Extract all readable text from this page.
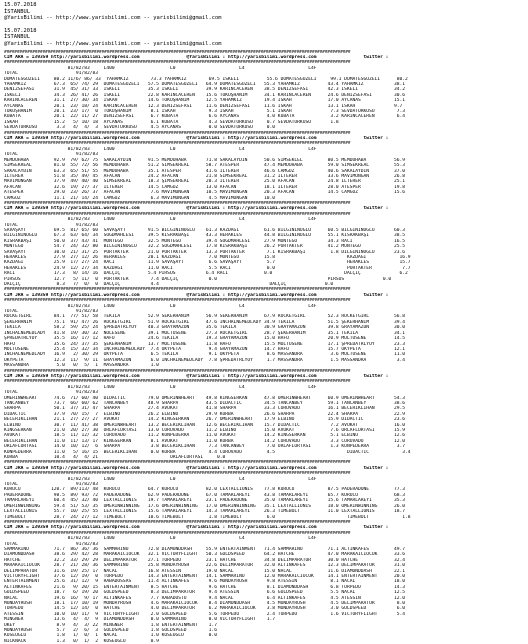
15.07.2018
İSTANBUL
@YarisBilimi -- http://www.yarisbilimi.com -- yarisbilimi@gmail.com
15.07.2018
İSTANBUL
@YarisBilimi -- http://www.yarisbilimi.com -- yarisbilimi@gmail.com
#######################################################################################################################################
CIM ARA = 139359 http://yarisbilimi.wordpress.com                 @YarisBilimi : http://yarisbilimi.wordpress.com                 twitter :
#######################################################################################################################################
81/82/83     L400                    L0                       L4                       L4F
TOTAL                     91/82/83
DOMATESGÜZELİ     80.2 11/6/ 86/ 33  YAHAMKIZ        73.3 YAHAMKIZ        69.5 İSKELİ          55.6 DOMATESGÜZELİ     99.1 DOMATESGÜZELİ      80.2
YAHAMKIZ          67.3  65/ 74/ 29  DOMATESGÜZELİ   57.5 DOMATESGÜZELİ   64.9 DOMATESGÜZELİ   55.3 YAHAMKIZ          43.4 YAHAMKIZ           38.1
DENİZSEFASI       31.9  45/ 31/ 33  İSKELİ          35.3 İSKELİ          39.9 KARINCACEREN    38.5 DENİZSEFASI       42.3 İSKELİ             34.2
İSKELİ            34.3  26/ 41/ 26  İSKELİ          22.8 KARINCACEREN    15.6 TOKUŞHANIM      34.1 KARINCACEREN      24.6 DENİZSEFASI        30.6
KARINCACEREN      31.1  27/ 30/ 34  İSKAH           14.6 TOKUŞHANIM      12.5 YAHAMKIZ        19.4 İSKAH             17.0 AYCANAS            15.1
AYCANAS           20.1  23/ 18/ 24  KARINCACEREN    12.3 DENİZSEFASI     11.6 DENİZSEFASI     11.6 İSKAH             13.1 İSKAH              9.7
TOKUŞHANIM        20.1  23/ 17/  0  TOKUŞHANIM       8.1 İSKAH            9.3 İSKAH            5.1 İSKAH              7.3 SEVDATURKUSU        7.3
KUBATA            20.1  22/ 11/ 27  DENİZSEFASI      6.7 KUBATA           6.6 AYCANAS          4.0 KUBATA             3.2 KARINCACEREN        6.4
İSKAH             15.2   5/ 10/ 18  AYCANAS          6.1 KUBATA           4.3 SEVDATURKUSU     0.7 SEVDATURKUSU       1.8
SEVDATURKUSU       3.3   4/  4/  3  SEVDATURKUSU     4.5 AYCANAS          0.0 SEVDATURKUSU     0.0
#######################################################################################################################################
CIM ARA = 139359 http://yarisbilimi.wordpress.com                 @YarisBilimi : http://yarisbilimi.wordpress.com                 twitter :
#######################################################################################################################################
81/82/83     L400                    L0                       L4                       L4F
TOTAL                     91/82/83
MEMDUHABA         92.9  79/ 62/ 75  SAKALAYDIN      91.5 MEMDUHABA       71.8 SAKALAYDIN      50.6 SİMSEKLEL         80.5 MEMDUHABA          56.9
SİMSEKREAL        81.0  55/ 72/ 56  MEMDUHABA       51.2 SİMSEKREAL      58.7 ATESPER         47.4 MEMDUHABA         59.0 SİMSEKREAL         55.3
SAKALAYDIN        63.3  65/ 51/ 55  MEMDUHABA       35.1 ATESPER         41.6 İLTERER         46.6 CAMGOZ            40.6 SAKALAYDIN         37.0
İLTERER           51.8  35/ 49/ 45  AFACAN          24.2 AFACAN          21.8 SİMSEKREAL      31.2 İLTERER           33.6 MAVİMUNGAN         26.8
MAVİMUNGAN        37.9  49/ 40/ 40  SİMSEKREAL      18.3 ŞİMSEKREAL      20.3 İLTERER         25.0 AFACAN            24.8 İLTERER            25.1
AFACAN            32.6  19/ 27/ 37  İLTERER         14.5 CAMGOZ          13.0 AFACAN          18.1 İLTERER           28.0 ATESPER            19.8
ATESPER           29.0  23/ 26/ 37  AFACAN           7.6 MAVİMUNGAN      10.5 MAVİMUNGAN      20.3 AFACAN            14.5 CAMGOZ             15.6
CAMGOZ            11.1  21/ 14/ 24  CAMGOZ           6.3 MAVİMUNGAN       4.5 MAVİMUNGAN      10.0
#######################################################################################################################################
CIM ARA = 139359 http://yarisbilimi.wordpress.com                 @YarisBilimi : http://yarisbilimi.wordpress.com                 twitter :
#######################################################################################################################################
81/82/83     L400                    L0                       L4                       L4F
TOTAL                     91/82/83
SAVAŞAYT          69.5  81/ 65/ 60  SAVAŞAYT        91.5 BİLGİNİNOĞLU    61.3 KAZDAĞI         61.6 BİLGİNİNOĞLU      60.5 BİLGİNİNOĞLU       60.3
BİLGİNİNOĞLU      67.3  63/ 64/ 34  SOĞDMAHLESİ     39.5 KISRAKBAŞI      43.3 HERAKLES        44.8 BİLGİNİNOĞLU      55.1 KISRAKBAŞI         38.5
KISRAKBAŞI        50.0  37/ 43/ 41  MONTEGO         32.5 MONTEGO         39.4 SOĞDMAHLESİ     27.9 MONTEGO           34.3 RACİ               16.5
MONTEGO           54.7  24/ 32/ 80  BİLGİNİNOĞLU    32.2 SOĞDMAHLESİ     17.8 KISRAKBAŞI      26.2 PORTAKTER         41.2 MONTEGO            25.5
SAVAŞAYT          30.0  21/ 31/ 25  PORTAKTER       21.0 PORTAKTER       13.3 PORTAKTER        7.1 KISRAKBAŞI         1.8 DİLGİNİNOĞLU       23.6
HERAKLES          27.9  27/ 12/ 26  HERAKLES        20.1 KAZDAĞI          7.0 MONTEGO         15.8                          KAZDAĞI            16.9
KAZDAĞI           25.9  17/ 27/ 24  RACİ            11.9 SAVAŞAYT         6.6 SAVAŞAYT         5.7                          HERAKLES           15.7
HERAKLES          24.9  12/ 27/ 34  KAZDAĞI         11.0 RACİ             5.5 RACİ             0.0                          PORTAKTER           7.7
RACİ              17.3   8/ 14/ 16  DALÇİÇ          5.4 PİRSUS           6.4 RACİ             0.0                          DALÇİÇ              6.2
PİRSUS            12.7   5/ 11/  0  PORTAKTER        7.4 DALÇİÇ           0.0                                        PİRSUS              0.0
DALÇİÇ             8.3   7/  0/  0  DALÇİÇ           4.4                                        DALÇİÇ              0.0
#######################################################################################################################################
CIM JRA = 139359 http://yarisbilimi.wordpress.com                 @YarisBilimi : http://yarisbilimi.wordpress.com                 twitter :
#######################################################################################################################################
81/82/83     L400                    L0                       L4                       L4F
TOTAL                     91/82/83
ROCKETGIRL        84.1  77/ 51/ 58  TEKİLA          52.9 SEKERHANIM      56.9 SEKERHANIM      67.9 ROCKETGIRL        52.3 ROCKETGIRL         56.8
ŞEKERHANIM        75.1  91/ 47/ 26  ROCKETGIRL      51.9 ROCKETGIRL      47.6 İNCHALNEMEDLADY 34.9 TEKİLA            51.5 ŞEKERHANIM         39.4
TEKİLA            58.2  59/ 25/ 24  ŞPREDATRLYOY    40.3 GRAYAMAZON      35.6 TEKİLA          30.9 GRAYAMAZON        39.8 GRAYAMAZON         30.0
İNCHALNEMEDLADY   41.8  19/ 30/ 32  NOLESENE        39.1 MOLTUSENE       27.3 ROCKETGIRL      28.7 ŞEKERHANIM        35.1 TEKİLA             34.1
ŞPREDATRLYOY      35.5  16/ 17/ 12  HAFO            24.6 TEKİLA          19.3 GRAYAMAZON      15.0 HAFO              20.9 MOLTUSENE          14.5
HAFO              35.6  24/ 37/ 35  ŞEKERHANIM      13.7 MOLTUSENE       11.8 HAFO            15.5 MOLTUSENE         17.1 ŞPREDATRLYOY       23.3
MOLTUSENE         25.4  15/ 32/ 34  İNCHALNEMEDLADY  7.4 OKYPETA          9.4 GRAYAMAZON      14.7 HAFO              15.7 OKYPETA            12.1
İNCHALNEMEDLADY   16.9   2/ 30/ 29  OKYPETA          6.5 TEKİLA           9.1 OKYPETA          8.6 MASSANDRA          3.6 MOLTUSENE          11.0
OKYPETA           12.3  11/  9/ 11  GRAYAMAZON       6.0 İNCHALNEMEDLADY  7.8 ŞPREDATRLYOY     1.7 MASSANDRA          1.5 MASSANDRA           3.4
MASSANDRA          5.0   0/  5/  1  MASSANDRA        1.0
#######################################################################################################################################
CIM JRA = 139359 http://yarisbilimi.wordpress.com                 @YarisBilimi : http://yarisbilimi.wordpress.com                 twitter :
#######################################################################################################################################
81/82/83     L400                    L0                       L4                       L4F
TOTAL                     91/82/83
ÖMERİNWHEART      74.6  71/ 60/ 40  DİDACTİC        79.0 ÖMERİNWHEART    49.8 KINGSERKAN      47.8 ÖMERİNWHEART      60.9 ÖMERİNWHEART       54.3
TANCANBEY         73.7  66/ 60/ 62  TANCANBEY       48.9 SHARPA          43.5 DİDACTİC        34.5 TANCANBEY         59.1 TANCANBEY          38.6
SHARPA            50.1  37/ 31/ 47  SHARPA          27.4 AVUKAT          41.8 SHARPA          33.3 CORUVADO          16.1 BECERİKLİHAN       29.5
DİDACTİC          37.9  70/ 15/  7  ELBİNO          26.2 ELBİNO          29.9 KORBA           26.6 SHARPA            22.4 SHARPA             22.9
BECERİKLİHAN      21.1  27/ 27/ 27  AVUKAT          14.2 KINGSERKAN      26.7 ÖMERİNWHEART    17.9 ELBİNO            15.9 DİDACTİC           23.6
ELBİNO            30.7  11/ 41/ 38  ÖMERİNWHEART    13.2 BECERİKLİHAN    12.6 BECERİKLİHAN    15.7 DİDACTİC           7.2 AVUKAT             16.0
KINGSERKAN        21.0  20/ 27/ 30  ORLAFLÖRTASİ    13.0 CORUVADO        11.2 ELBİNO          15.0 AVUKAT             7.6 ORLAFLÖRTASİ       15.9
AVUKAT            18.5  11/ 12/ 32  CORUVADO        11.2 KONPEDERRA      11.0 AVUKAT          14.2 KINGSERKAN         5.1 ELBİNO             12.6
BECERİKLİHAN      11.0  11/ 13/ 17  KINGSERKAN       8.1 AVUKAT          11.0 KORBA           14.2 CORUVADO           3.3 CORUVADO           12.0
ORLAFLÖRTASİ      14.0  10/ 12/  6  SHARPA           3.8 BECERİKLİHAN     7.3 TANCANBEY        7.0 ORLAFLÖRTASİ       1.3 KONPEDERRA          3.7
KONPEDERRA        11.0   5/ 16/ 15  BECERİKLİHAN     0.0 KORBA            4.4 CORUVADO         4.5                          DİDACTİC            3.4
KORBA             10.4   4/  4/ 21                          ORLAFLÖRTASİ     0.0
#######################################################################################################################################
CIM JRA = 139359 http://yarisbilimi.wordpress.com                 @YarisBilimi : http://yarisbilimi.wordpress.com                 twitter :
#######################################################################################################################################
81/82/83     L400                    L0                       L4                       L4F
TOTAL                     91/82/83
KURUCU           120.7  89/113/ 48  KURUCU          64.7 KURUCU          82.0 LEXTALLIONIS    77.8 KURUCU            87.5 PADERADONE         77.3
PADERADONE        98.5  89/ 93/ 72  PADERADONE      62.9 PADERADONE      67.0 TAMARLAREYİ     43.8 TAMARLAREYİ       65.7 KURUCU             68.3
TAMARLAREYİ       60.4  45/ 32/ 40  LEXTALLIONIS    19.7 TAMARLAREYİ     23.1 PADERADONE      35.0 TAMARLAREYİ       15.6 TAMARLAREYİ        35.3
ÖMERİNWINNING     59.4  51/ 53/ 35  ÖMERİNWINNING   17.6 ÖMERİNWINNING   17.0 ÖMERİNWINNING   35.1 LEXTALLIONIS      18.0 ÖMERİNWINNING      26.0
LEXTALLIONIS      55.7  10/ 25/ 55  LEXTALLIONIS    15.6 TAMARLAREYİ     14.3 TAMARLAREYİ     26.3 TIMEBOLT          11.0 LEXTALLIONIS       18.7
TIMEBOLT          28.7  24/ 27/ 12  TIMEBOLT        10.6 TIMEBOLT         1.8 TIMEBOLT         6.0                          TIMEBOLT            1.8
#######################################################################################################################################
CIM JRA = 139359 http://yarisbilimi.wordpress.com                 @YarisBilimi : http://yarisbilimi.wordpress.com                 twitter :
#######################################################################################################################################
81/82/83     L400                    L0                       L4                       L4F
TOTAL                     91/82/83
SAMMARINO         71.7  86/ 36/ 36  SAMMARINO       72.8 DIAMONDDASH     55.9 ENTERTAINMENT   71.4 SAMMARINO         71.1 ALTINKAFES         49.7
DIAMONDDASH       38.6  29/ 42/ 28  MARAKAICIOCUK   32.1 VICTORYFLIGHT   50.3 GOLDSPEED       64.2 HATCHE            47.0 MARAKAICIOCUK      33.6
HATCHE            32.2  33/ 29/ 29  DELİMPARATOR    27.1 TORPEDO         23.1 HATCHE          34.8 DELİMPARATOR      30.0 HATCHE             32.4
MARAKAICIOCUK     28.7  21/ 28/ 36  SAMMARINO       25.8 MONDAYRUSH      22.6 DELİMPARATOR    32.0 ALTINKAFES        12.3 DELİMPARATOR       31.0
DELİMPARATOR      31.6  19/ 25/ 17  NACAL           16.8 ATESSİN         19.0 NACAL           15.0 NACAL             11.6 DIAMONDDASH        22.1
VICTORYFLIGHT     37.6  12/ 19/  0  TORPEDO         14.3 ENTERTAINMENT   14.1 SAMMARINO       12.0 MARAKAICIOCUK     14.1 ENTERTAINMENT      20.0
ENTERTAINMENT     25.6  31/ 12/  9  RABADOSSAS      11.4 ALTINKAFES       9.6 MONDAYRUSH       9.8 ATESSİN            8.1 NACAL              18.0
ALTINKAFES        21.6   9/ 20/ 15  ENTERTAINMENT    8.5 HATCHE           9.6 HATCHE           8.1 DIAMONDDASH        6.8 TORPEDO            14.3
GOLDSPEED         18.7   6/ 19/ 20  GOLDSPEED        8.3 DELİMPARATOR     9.4 ATESSİN          6.6 GOLDSPEED          5.5 NACAL              12.5
NACAL             19.6  16/  9/ 17  ALTINKAFES       7.7 RABADOSTU        9.4 NACAL            6.4 ALTINKAFES         4.5 ATESSİN            12.0
MONDAYRUSH        18.1  17/ 10/ 19  MONDAYRUSH       4.6 MARAKAICIOCUK    8.4 DIAMONDDASH      4.5 MONDAYRUSH         4.5 DELİMPARATOR        8.0
TORPEDO           14.5  12/ 14/  0  HATCHE           4.0 DELİMPARATOR     6.2 MARAKAICIOCUK    3.8 MONDAYRUSH         3.0 GOLDSPEED           6.0
ATESSİN           10.0  10/ 11/  9  VICTORYFLIGHT    2.0 GOLDSPEED        5.6 TORPEDO          2.4 TORPEDO            1.6 VICTORYFLIGHT       5.4
MİNGNER           13.6   4/  4/  9  DIAMONDDASH      0.0 SAMMARINO        0.0 VICTORYFLIGHT    1.7
OKEY               8.9   4/  3/ 22  MİNGNER          1.8 ENTERTAINMENT    1.7
MONDAYRUSH         5.7   2/  6/  3  GOLDSPEED        1.8 GOLDSPEED        1.6
KOSEOGLU           1.8   1/  0/  1  NACAL            1.0 KOSEOGLU         0.0
NICKNACK           1.3   0/  1/  2  KOSEOGLU         0.9
